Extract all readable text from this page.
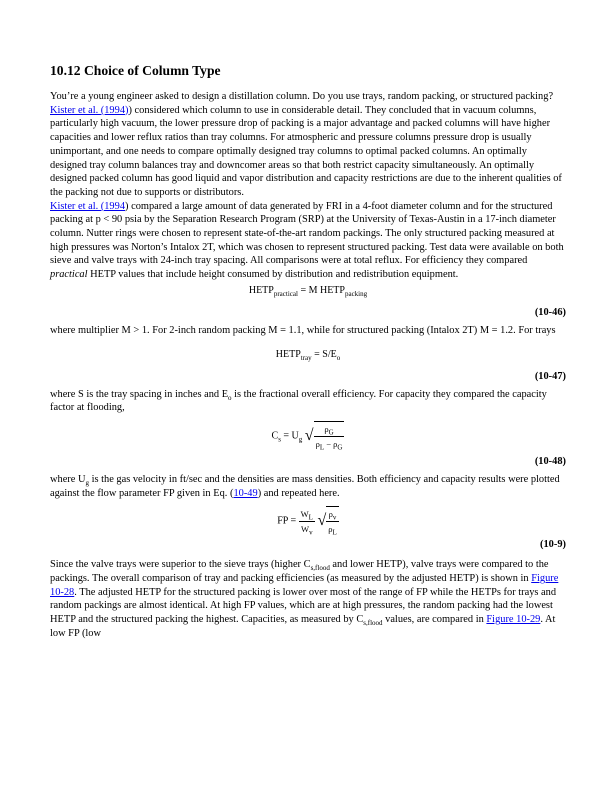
10.12 Choice of Column Type

You’re a young engineer asked to design a distillation column. Do you use trays, random packing, or structured packing?

Kister et al. (1994)) considered which column to use in considerable detail. They concluded that in vacuum columns, particularly high vacuum, the lower pressure drop of packing is a major advantage and packed columns will have higher capacities and lower reflux ratios than tray columns. For atmospheric and pressure columns pressure drop is usually unimportant, and one needs to compare optimally designed tray columns to optimal packed columns. An optimally designed tray column balances tray and downcomer areas so that both restrict capacity simultaneously. An optimally designed packed column has good liquid and vapor distribution and capacity restrictions are due to the inherent qualities of the packing not due to supports or distributors.

Kister et al. (1994) compared a large amount of data generated by FRI in a 4-foot diameter column and for the structured packing at p < 90 psia by the Separation Research Program (SRP) at the University of Texas-Austin in a 17-inch diameter column. Nutter rings were chosen to represent state-of-the-art random packings. The only structured packing measured at high pressures was Norton’s Intalox 2T, which was chosen to represent structured packing. Test data were available on both sieve and valve trays with 24-inch tray spacing. All comparisons were at total reflux. For efficiency they compared practical HETP values that include height consumed by distribution and redistribution equipment.

$HETP_{practical} = M$ $HETP_{packing}$
(10-46)

where multiplier M > 1. For 2-inch random packing M = 1.1, while for structured packing (Intalox 2T) M = 1.2. For trays

$HETP_{tray} = S/E_o$
(10-47)

where S is the tray spacing in inches and $E_o$ is the fractional overall efficiency. For capacity they compared the capacity factor at flooding,

$C_s = U_g$ √ $\frac{\rho_G}{\rho_L - \rho_G}$
(10-48)

where $U_g$ is the gas velocity in ft/sec and the densities are mass densities. Both efficiency and capacity results were plotted against the flow parameter FP given in Eq. (10-49) and repeated here.

FP = $\frac{W_L}{W_v}$ √ $\frac{\rho_v}{\rho_L}$
(10-9)

Since the valve trays were superior to the sieve trays (higher $C_{s,flood}$ and lower HETP), valve trays were compared to the packings. The overall comparison of tray and packing efficiencies (as measured by the adjusted HETP) is shown in Figure 10-28. The adjusted HETP for the structured packing is lower over most of the range of FP while the HETPs for trays and random packings are almost identical. At high FP values, which are at high pressures, the random packing had the lowest HETP and the structured packing the highest. Capacities, as measured by $C_{s,flood}$ values, are compared in Figure 10-29. At low FP (low
